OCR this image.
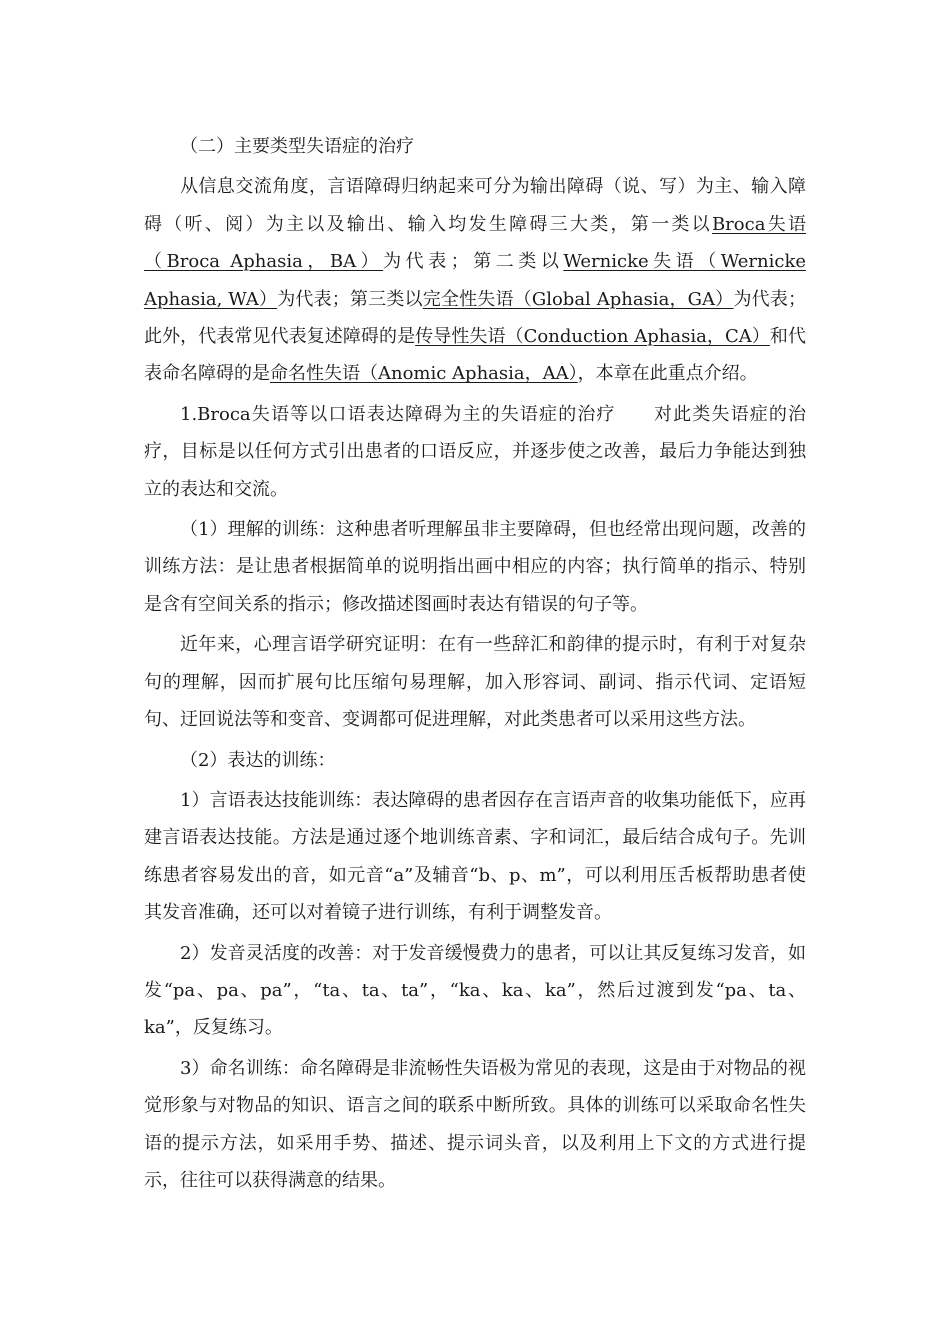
（二）主要类型失语症的治疗

从信息交流角度，言语障碍归纳起来可分为输出障碍（说、写）为主、输入障碍（听、阅）为主以及输出、输入均发生障碍三大类，第一类以Broca失语（Broca Aphasia，BA）为代表；第二类以Wernicke失语（Wernicke Aphasia, WA）为代表；第三类以完全性失语（Global Aphasia，GA）为代表；此外，代表常见代表复述障碍的是传导性失语（Conduction Aphasia，CA）和代表命名障碍的是命名性失语（Anomic Aphasia，AA），本章在此重点介绍。

1.Broca失语等以口语表达障碍为主的失语症的治疗　　 对此类失语症的治疗，目标是以任何方式引出患者的口语反应，并逐步使之改善，最后力争能达到独立的表达和交流。

（1）理解的训练：这种患者听理解虽非主要障碍，但也经常出现问题，改善的训练方法：是让患者根据简单的说明指出画中相应的内容；执行简单的指示、特别是含有空间关系的指示；修改描述图画时表达有错误的句子等。

近年来，心理言语学研究证明：在有一些辞汇和韵律的提示时，有利于对复杂句的理解，因而扩展句比压缩句易理解，加入形容词、副词、指示代词、定语短句、迂回说法等和变音、变调都可促进理解，对此类患者可以采用这些方法。

（2）表达的训练：

1）言语表达技能训练：表达障碍的患者因存在言语声音的收集功能低下，应再建言语表达技能。方法是通过逐个地训练音素、字和词汇，最后结合成句子。先训练患者容易发出的音，如元音“a”及辅音“b、p、m”，可以利用压舌板帮助患者使其发音准确，还可以对着镜子进行训练，有利于调整发音。

2）发音灵活度的改善：对于发音缓慢费力的患者，可以让其反复练习发音，如发“pa、pa、pa”，“ta、ta、ta”，“ka、ka、ka”，然后过渡到发“pa、ta、ka”，反复练习。

3）命名训练：命名障碍是非流畅性失语极为常见的表现，这是由于对物品的视觉形象与对物品的知识、语言之间的联系中断所致。具体的训练可以采取命名性失语的提示方法，如采用手势、描述、提示词头音，以及利用上下文的方式进行提示，往往可以获得满意的结果。
